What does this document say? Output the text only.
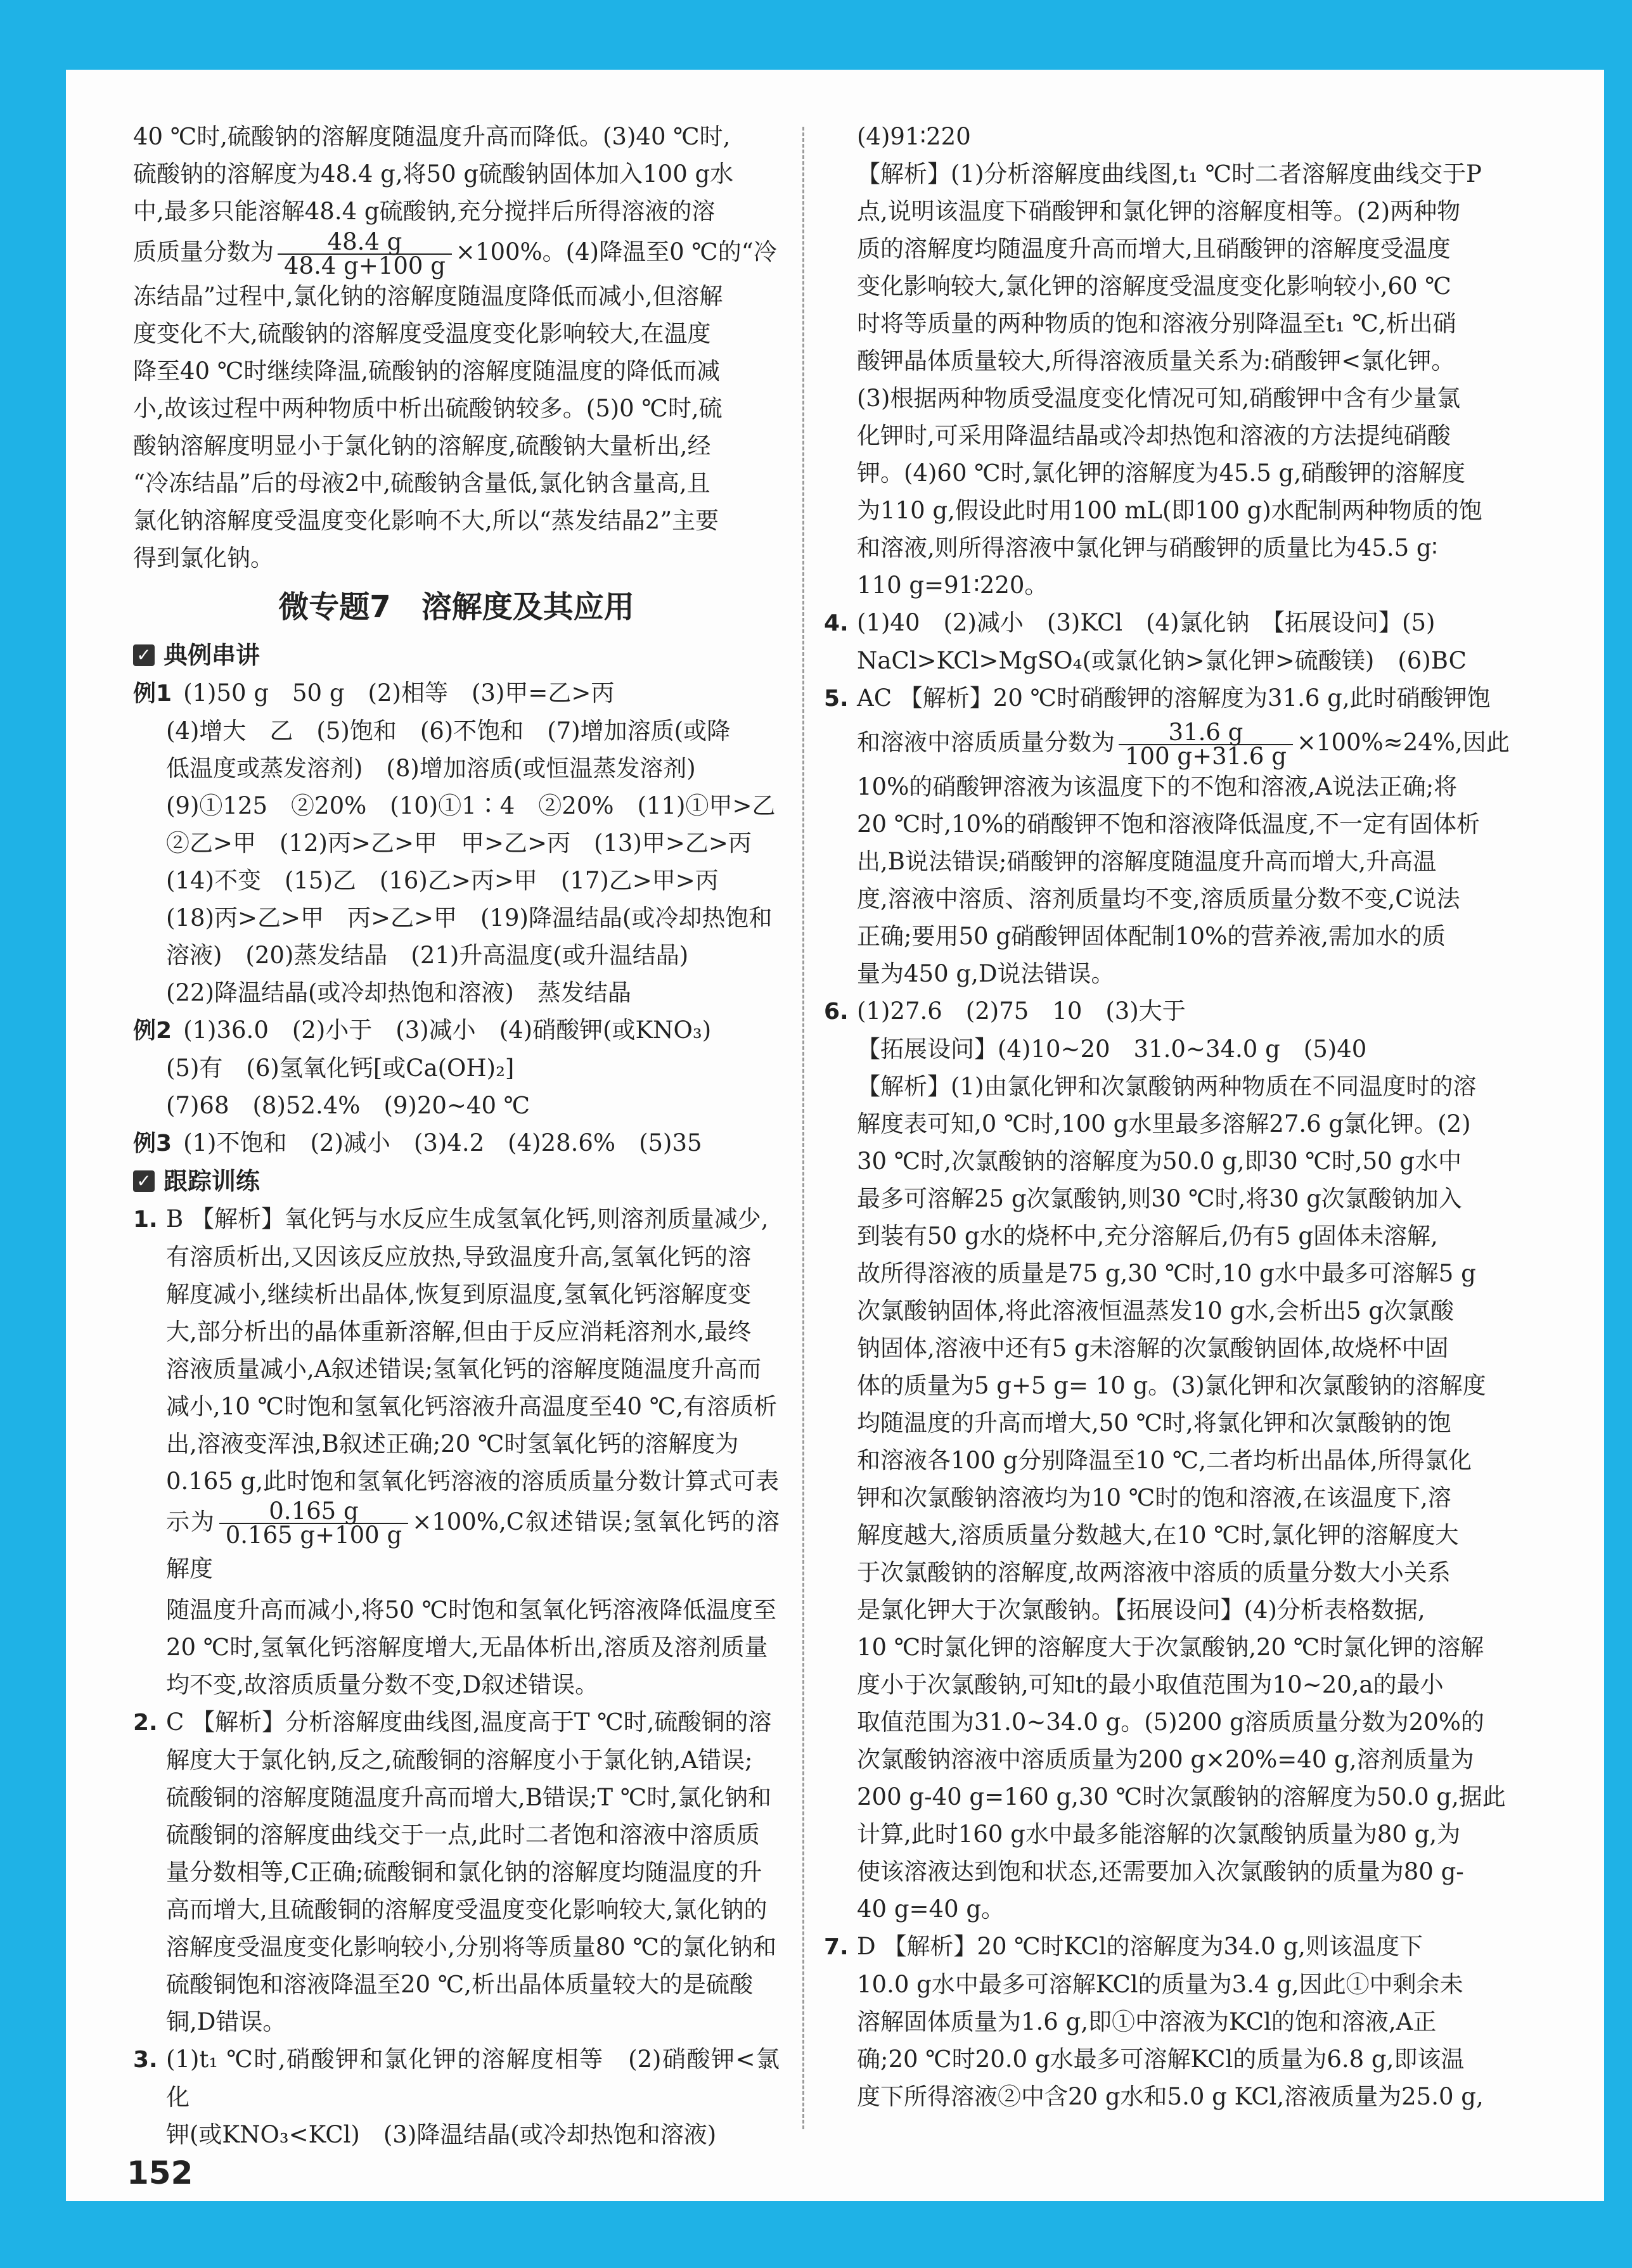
40 ℃时,硫酸钠的溶解度随温度升高而降低。(3)40 ℃时,

硫酸钠的溶解度为48.4 g,将50 g硫酸钠固体加入100 g水

中,最多只能溶解48.4 g硫酸钠,充分搅拌后所得溶液的溶

质质量分数为 $\frac{48.4 g}{48.4 g+100 g} \times 100\%$。(4)降温至0 ℃的“冷

冻结晶”过程中,氯化钠的溶解度随温度降低而减小,但溶解

度变化不大,硫酸钠的溶解度受温度变化影响较大,在温度

降至40 ℃时继续降温,硫酸钠的溶解度随温度的降低而减

小,故该过程中两种物质中析出硫酸钠较多。(5)0 ℃时,硫

酸钠溶解度明显小于氯化钠的溶解度,硫酸钠大量析出,经

“冷冻结晶”后的母液2中,硫酸钠含量低,氯化钠含量高,且

氯化钠溶解度受温度变化影响不大,所以“蒸发结晶2”主要

得到氯化钠。

微专题7　溶解度及其应用
✓ 典例串讲

例1 (1)50 g　50 g　(2)相等　(3)甲=乙>丙

(4)增大　乙　(5)饱和　(6)不饱和　(7)增加溶质(或降

低温度或蒸发溶剂)　(8)增加溶质(或恒温蒸发溶剂)

(9)①125　②20%　(10)①1∶4　②20%　(11)①甲>乙

②乙>甲　(12)丙>乙>甲　甲>乙>丙　(13)甲>乙>丙

(14)不变　(15)乙　(16)乙>丙>甲　(17)乙>甲>丙

(18)丙>乙>甲　丙>乙>甲　(19)降温结晶(或冷却热饱和

溶液)　(20)蒸发结晶　(21)升高温度(或升温结晶)

(22)降温结晶(或冷却热饱和溶液)　蒸发结晶

例2 (1)36.0　(2)小于　(3)减小　(4)硝酸钾(或KNO₃)

(5)有　(6)氢氧化钙[或Ca(OH)₂]

(7)68　(8)52.4%　(9)20~40 ℃

例3 (1)不饱和　(2)减小　(3)4.2　(4)28.6%　(5)35

✓ 跟踪训练

1. B 【解析】氧化钙与水反应生成氢氧化钙,则溶剂质量减少,

有溶质析出,又因该反应放热,导致温度升高,氢氧化钙的溶

解度减小,继续析出晶体,恢复到原温度,氢氧化钙溶解度变

大,部分析出的晶体重新溶解,但由于反应消耗溶剂水,最终

溶液质量减小,A叙述错误;氢氧化钙的溶解度随温度升高而

减小,10 ℃时饱和氢氧化钙溶液升高温度至40 ℃,有溶质析

出,溶液变浑浊,B叙述正确;20 ℃时氢氧化钙的溶解度为

0.165 g,此时饱和氢氧化钙溶液的溶质质量分数计算式可表

示为 $\frac{0.165 g}{0.165 g+100 g} \times 100\%,C$叙述错误;氢氧化钙的溶解度

随温度升高而减小,将50 ℃时饱和氢氧化钙溶液降低温度至

20 ℃时,氢氧化钙溶解度增大,无晶体析出,溶质及溶剂质量

均不变,故溶质质量分数不变,D叙述错误。

2. C 【解析】分析溶解度曲线图,温度高于T ℃时,硫酸铜的溶

解度大于氯化钠,反之,硫酸铜的溶解度小于氯化钠,A错误;

硫酸铜的溶解度随温度升高而增大,B错误;T ℃时,氯化钠和

硫酸铜的溶解度曲线交于一点,此时二者饱和溶液中溶质质

量分数相等,C正确;硫酸铜和氯化钠的溶解度均随温度的升

高而增大,且硫酸铜的溶解度受温度变化影响较大,氯化钠的

溶解度受温度变化影响较小,分别将等质量80 ℃的氯化钠和

硫酸铜饱和溶液降温至20 ℃,析出晶体质量较大的是硫酸

铜,D错误。

3. (1)t₁ ℃时,硝酸钾和氯化钾的溶解度相等　(2)硝酸钾<氯化

钾(或KNO₃<KCl)　(3)降温结晶(或冷却热饱和溶液)

(4)91∶220

【解析】(1)分析溶解度曲线图,t₁ ℃时二者溶解度曲线交于P

点,说明该温度下硝酸钾和氯化钾的溶解度相等。(2)两种物

质的溶解度均随温度升高而增大,且硝酸钾的溶解度受温度

变化影响较大,氯化钾的溶解度受温度变化影响较小,60 ℃

时将等质量的两种物质的饱和溶液分别降温至t₁ ℃,析出硝

酸钾晶体质量较大,所得溶液质量关系为:硝酸钾<氯化钾。

(3)根据两种物质受温度变化情况可知,硝酸钾中含有少量氯

化钾时,可采用降温结晶或冷却热饱和溶液的方法提纯硝酸

钾。(4)60 ℃时,氯化钾的溶解度为45.5 g,硝酸钾的溶解度

为110 g,假设此时用100 mL(即100 g)水配制两种物质的饱

和溶液,则所得溶液中氯化钾与硝酸钾的质量比为45.5 g∶

110 g=91∶220。

4. (1)40　(2)减小　(3)KCl　(4)氯化钠　【拓展设问】(5)

NaCl>KCl>MgSO₄(或氯化钠>氯化钾>硫酸镁)　(6)BC

5. AC 【解析】20 ℃时硝酸钾的溶解度为31.6 g,此时硝酸钾饱

和溶液中溶质质量分数为 $\frac{31.6 g}{100 g+31.6 g} \times 100\%\approx 24\%$,因此

10%的硝酸钾溶液为该温度下的不饱和溶液,A说法正确;将

20 ℃时,10%的硝酸钾不饱和溶液降低温度,不一定有固体析

出,B说法错误;硝酸钾的溶解度随温度升高而增大,升高温

度,溶液中溶质、溶剂质量均不变,溶质质量分数不变,C说法

正确;要用50 g硝酸钾固体配制10%的营养液,需加水的质

量为450 g,D说法错误。

6. (1)27.6　(2)75　10　(3)大于

【拓展设问】(4)10~20　31.0~34.0 g　(5)40

【解析】(1)由氯化钾和次氯酸钠两种物质在不同温度时的溶

解度表可知,0 ℃时,100 g水里最多溶解27.6 g氯化钾。(2)

30 ℃时,次氯酸钠的溶解度为50.0 g,即30 ℃时,50 g水中

最多可溶解25 g次氯酸钠,则30 ℃时,将30 g次氯酸钠加入

到装有50 g水的烧杯中,充分溶解后,仍有5 g固体未溶解,

故所得溶液的质量是75 g,30 ℃时,10 g水中最多可溶解5 g

次氯酸钠固体,将此溶液恒温蒸发10 g水,会析出5 g次氯酸

钠固体,溶液中还有5 g未溶解的次氯酸钠固体,故烧杯中固

体的质量为5 g+5 g= 10 g。(3)氯化钾和次氯酸钠的溶解度

均随温度的升高而增大,50 ℃时,将氯化钾和次氯酸钠的饱

和溶液各100 g分别降温至10 ℃,二者均析出晶体,所得氯化

钾和次氯酸钠溶液均为10 ℃时的饱和溶液,在该温度下,溶

解度越大,溶质质量分数越大,在10 ℃时,氯化钾的溶解度大

于次氯酸钠的溶解度,故两溶液中溶质的质量分数大小关系

是氯化钾大于次氯酸钠。【拓展设问】(4)分析表格数据,

10 ℃时氯化钾的溶解度大于次氯酸钠,20 ℃时氯化钾的溶解

度小于次氯酸钠,可知t的最小取值范围为10~20,a的最小

取值范围为31.0~34.0 g。(5)200 g溶质质量分数为20%的

次氯酸钠溶液中溶质质量为200 g×20%=40 g,溶剂质量为

200 g-40 g=160 g,30 ℃时次氯酸钠的溶解度为50.0 g,据此

计算,此时160 g水中最多能溶解的次氯酸钠质量为80 g,为

使该溶液达到饱和状态,还需要加入次氯酸钠的质量为80 g-

40 g=40 g。

7. D 【解析】20 ℃时KCl的溶解度为34.0 g,则该温度下

10.0 g水中最多可溶解KCl的质量为3.4 g,因此①中剩余未

溶解固体质量为1.6 g,即①中溶液为KCl的饱和溶液,A正

确;20 ℃时20.0 g水最多可溶解KCl的质量为6.8 g,即该温

度下所得溶液②中含20 g水和5.0 g KCl,溶液质量为25.0 g,

152
